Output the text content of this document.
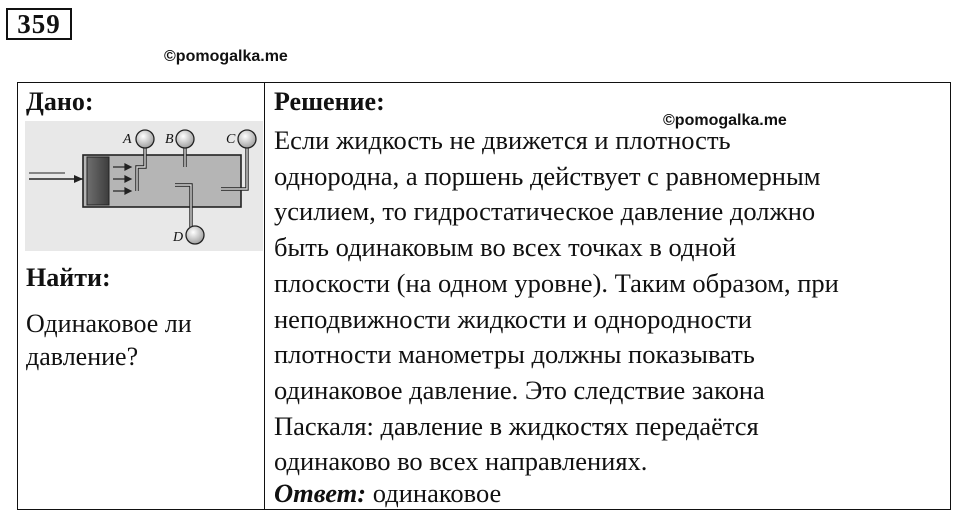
359
©pomogalka.me
Дано:
A B	C
D
Найти:
Одинаковое ли давление?
Решение:
Если жидкость не движется и плотность
однородна, а поршень действует с равномерным
усилием, то гидростатическое давление должно
быть одинаковым во всех точках в одной
плоскости (на одном уровне). Таким образом, при
неподвижности жидкости и однородности
плотности манометры должны показывать
одинаковое давление. Это следствие закона
Паскаля: давление в жидкостях передаётся
одинаково во всех направлениях.
Ответ: одинаковое
©pomogalka.me
